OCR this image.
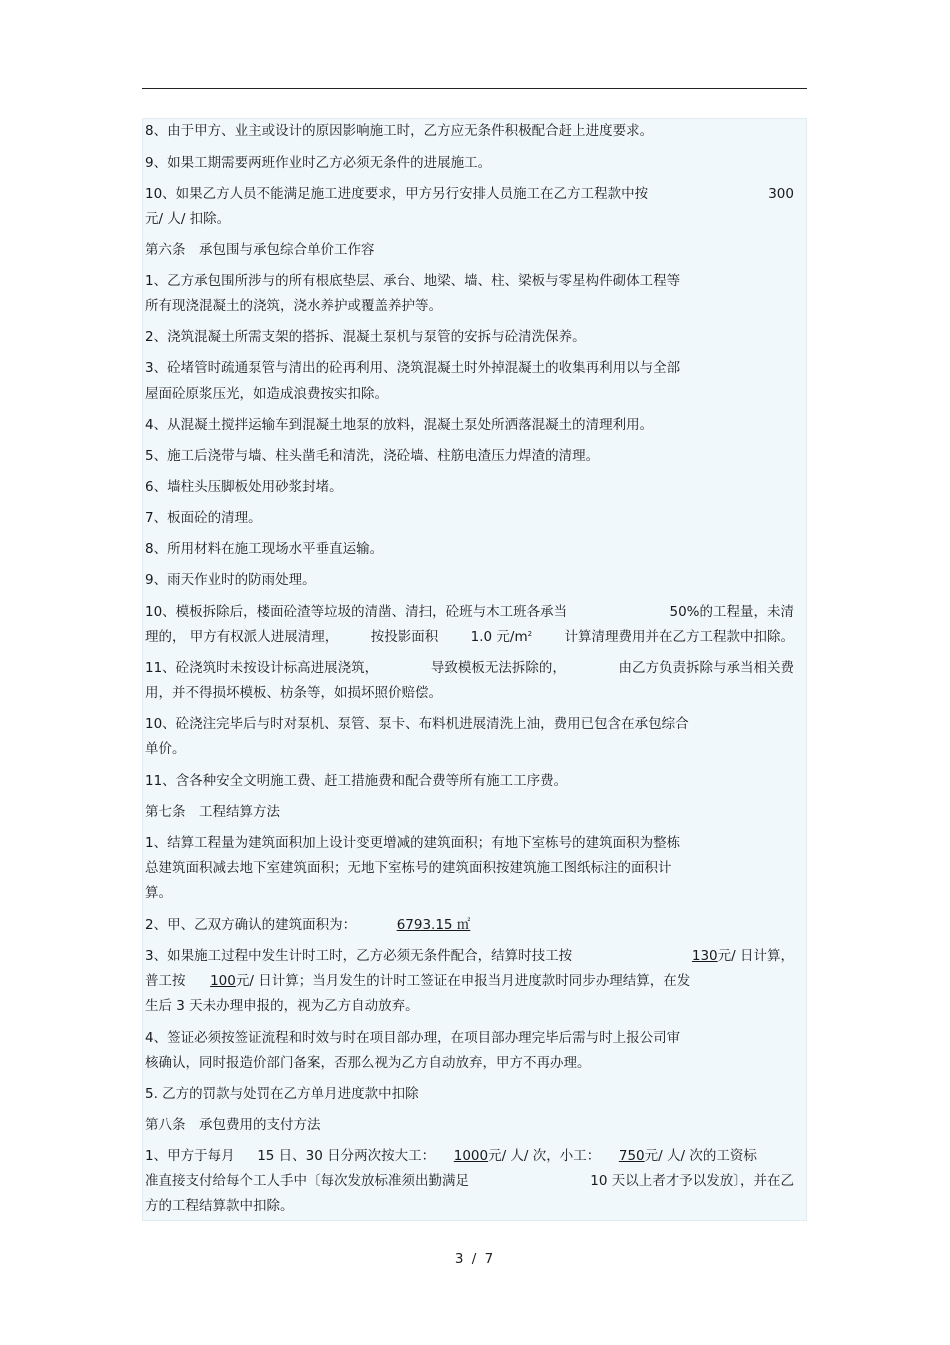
8、由于甲方、业主或设计的原因影响施工时，乙方应无条件积极配合赶上进度要求。
9、如果工期需要两班作业时乙方必须无条件的进展施工。
10、如果乙方人员不能满足施工进度要求，甲方另行安排人员施工在乙方工程款中按	300
元/ 人/ 扣除。
第六条　承包围与承包综合单价工作容
1、乙方承包围所涉与的所有根底垫层、承台、地梁、墙、柱、梁板与零星构件砌体工程等
所有现浇混凝土的浇筑，浇水养护或覆盖养护等。
2、浇筑混凝土所需支架的搭拆、混凝土泵机与泵管的安拆与砼清洗保养。
3、砼堵管时疏通泵管与清出的砼再利用、浇筑混凝土时外掉混凝土的收集再利用以与全部
屋面砼原浆压光，如造成浪费按实扣除。
4、从混凝土搅拌运输车到混凝土地泵的放料，混凝土泵处所洒落混凝土的清理利用。
5、施工后浇带与墙、柱头凿毛和清洗，浇砼墙、柱筋电渣压力焊渣的清理。
6、墙柱头压脚板处用砂浆封堵。
7、板面砼的清理。
8、所用材料在施工现场水平垂直运输。
9、雨天作业时的防雨处理。
10、模板拆除后，楼面砼渣等垃圾的清凿、清扫，砼班与木工班各承当	50%的工程量，未清
理的， 甲方有权派人进展清理， 按投影面积 1.0 元$/m^2$ 计算清理费用并在乙方工程款中扣除。
11、砼浇筑时未按设计标高进展浇筑，	导致模板无法拆除的，	由乙方负责拆除与承当相关费
用，并不得损坏模板、枋条等，如损坏照价赔偿。
10、砼浇注完毕后与时对泵机、泵管、泵卡、布料机进展清洗上油，费用已包含在承包综合
单价。
11、含各种安全文明施工费、赶工措施费和配合费等所有施工工序费。
第七条　工程结算方法
1、结算工程量为建筑面积加上设计变更增减的建筑面积；有地下室栋号的建筑面积为整栋
总建筑面积减去地下室建筑面积；无地下室栋号的建筑面积按建筑施工图纸标注的面积计
算。
2、甲、乙双方确认的建筑面积为：	6793.15 ㎡
3、如果施工过程中发生计时工时，乙方必须无条件配合，结算时技工按	130元/ 日计算，
普工按 100元/ 日计算；当月发生的计时工签证在申报当月进度款时同步办理结算，在发
生后 3 天未办理申报的，视为乙方自动放弃。
4、签证必须按签证流程和时效与时在项目部办理，在项目部办理完毕后需与时上报公司审
核确认，同时报造价部门备案，否那么视为乙方自动放弃，甲方不再办理。
5. 乙方的罚款与处罚在乙方单月进度款中扣除
第八条　承包费用的支付方法
1、甲方于每月 15 日、30 日分两次按大工： 1000元/ 人/ 次，小工： 750元/ 人/ 次的工资标
准直接支付给每个工人手中〔每次发放标准须出勤满足	10 天以上者才予以发放〕，并在乙
方的工程结算款中扣除。
3 / 7
